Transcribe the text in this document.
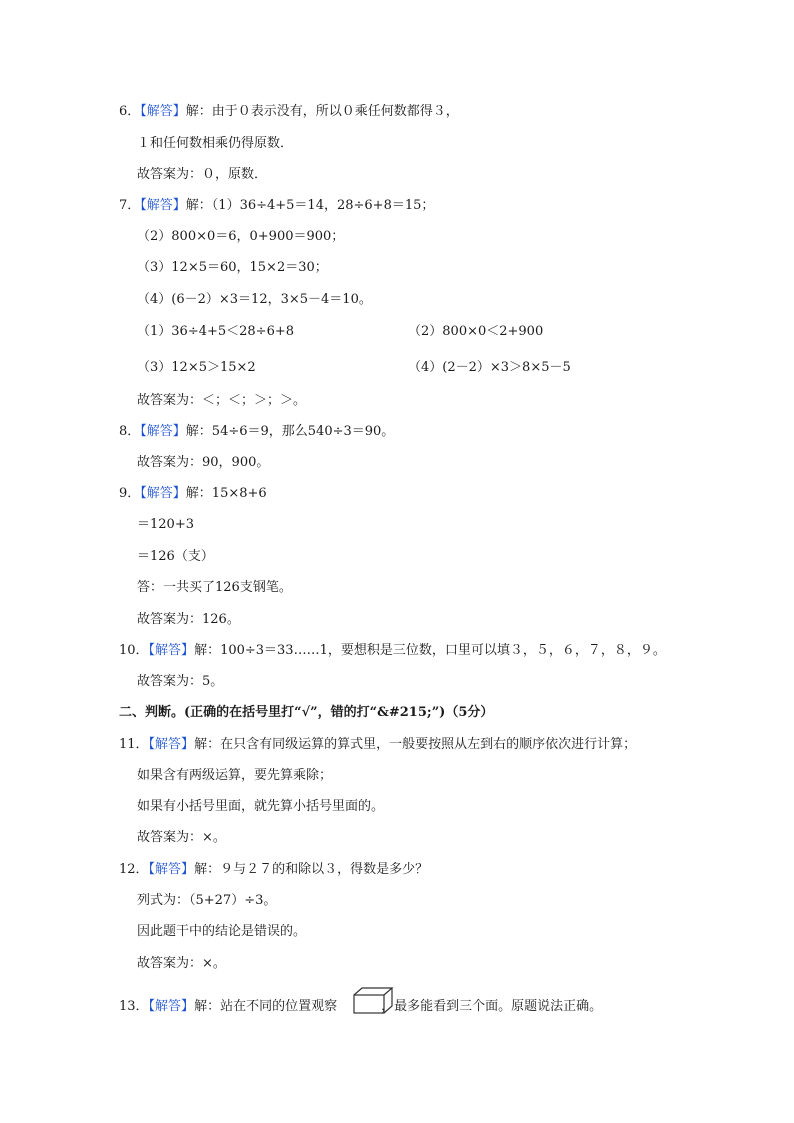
6．【解答】解：由于０表示没有，所以０乘任何数都得３，
１和任何数相乘仍得原数．
故答案为：０，原数．
7．【解答】解：（1）36÷4+5＝14，28÷6+8＝15；
（2）800×0＝6，0+900＝900；
（3）12×5＝60，15×2＝30；
（4）(6－2）×3＝12，3×5－4＝10。
（1）36÷4+5＜28÷6+8	（2）800×0＜2+900
（3）12×5＞15×2	（4）(2－2）×3＞8×5－5
故答案为：＜；＜；＞；＞。
8．【解答】解：54÷6＝9，那么540÷3＝90。
故答案为：90，900。
9．【解答】解：15×8+6
＝120+3
＝126（支）
答：一共买了126支钢笔。
故答案为：126。
10．【解答】解：100÷3＝33……1，要想积是三位数，口里可以填３，５，６，７，８，９。
故答案为：5。
二、判断。(正确的在括号里打“√”，错的打“&#215;”)（5分）
11．【解答】解：在只含有同级运算的算式里，一般要按照从左到右的顺序依次进行计算；
如果含有两级运算，要先算乘除；
如果有小括号里面，就先算小括号里面的。
故答案为：×。
12．【解答】解：９与２７的和除以３，得数是多少？
列式为：（5+27）÷3。
因此题干中的结论是错误的。
故答案为：×。
13．【解答】解：站在不同的位置观察	，最多能看到三个面。原题说法正确。
